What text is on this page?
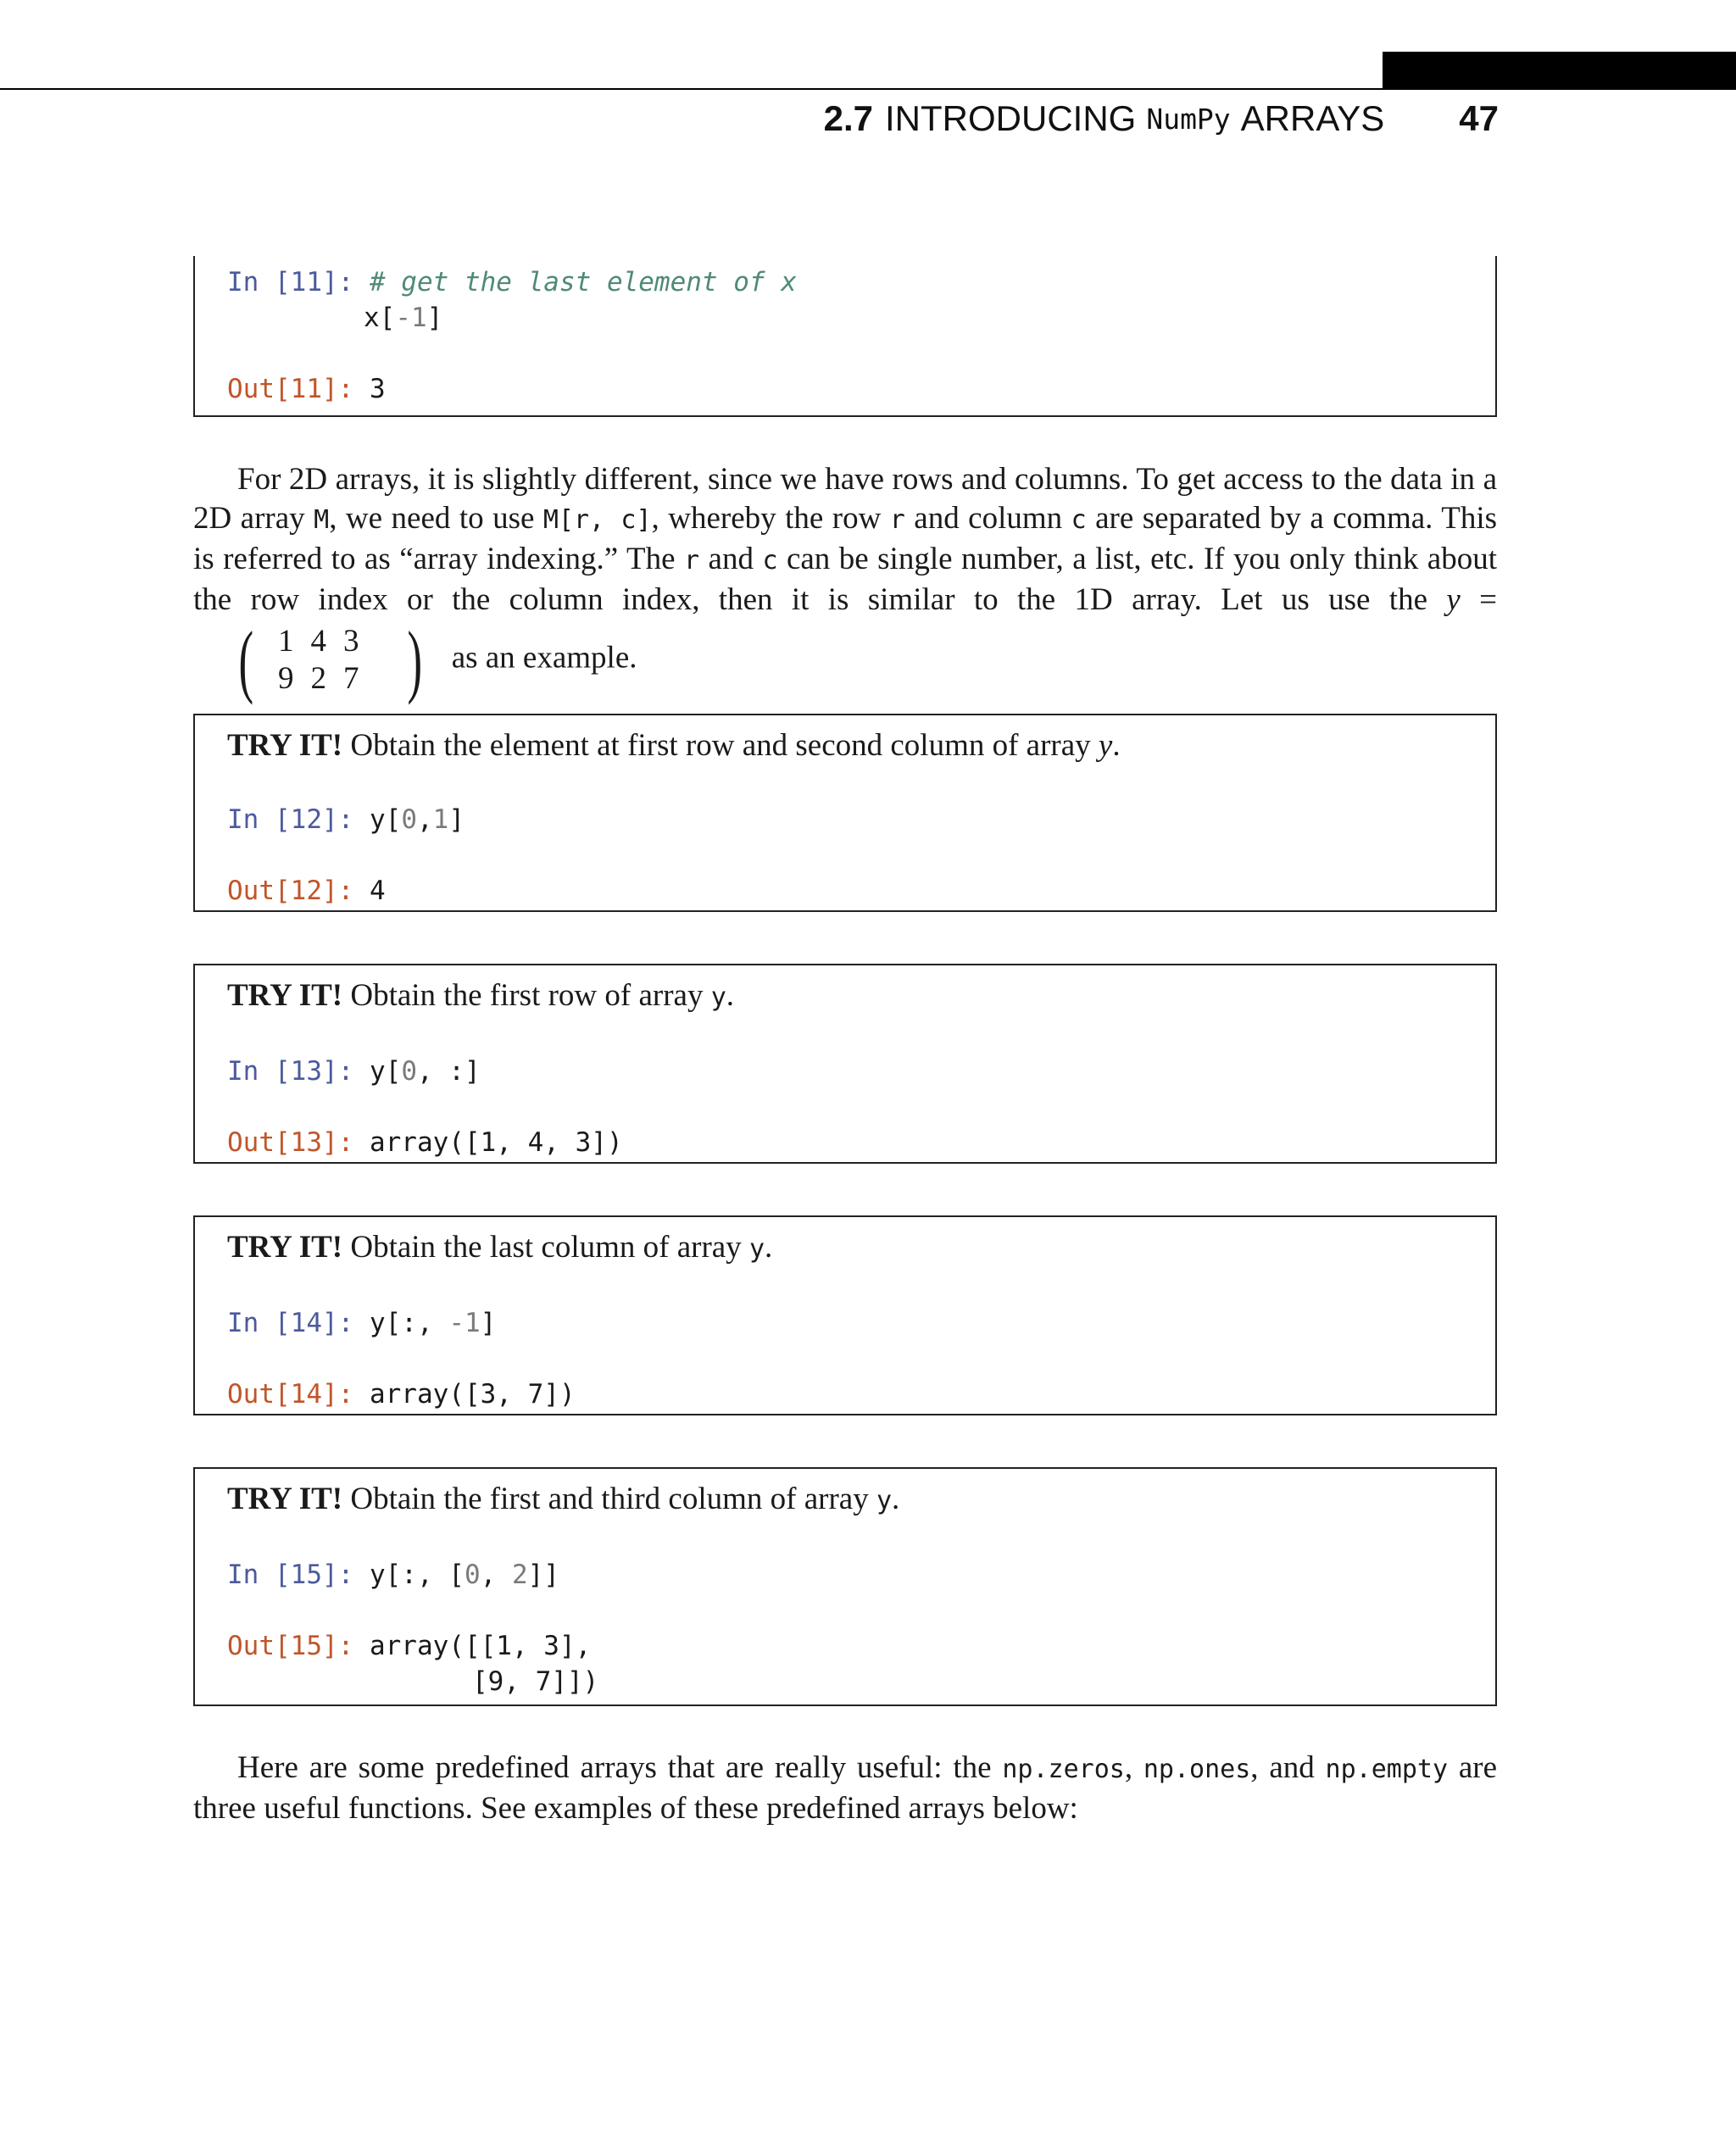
2.7 INTRODUCING NumPy ARRAYS 47
In [11]: # get the last element of x
x[-1]
Out[11]: 3
For 2D arrays, it is slightly different, since we have rows and columns. To get access to the data in a 2D array M, we need to use M[r, c], whereby the row r and column c are separated by a comma. This is referred to as “array indexing.” The r and c can be single number, a list, etc. If you only think about the row index or the column index, then it is similar to the 1D array. Let us use the y =
( 1	4	3
9	2	7 ) as an example.
TRY IT! Obtain the element at first row and second column of array y.
In [12]: y[0,1]
Out[12]: 4
TRY IT! Obtain the first row of array y.
In [13]: y[0, :]
Out[13]: array([1, 4, 3])
TRY IT! Obtain the last column of array y.
In [14]: y[:, -1]
Out[14]: array([3, 7])
TRY IT! Obtain the first and third column of array y.
In [15]: y[:, [0, 2]]
Out[15]: array([[1, 3],
[9, 7]])
Here are some predefined arrays that are really useful: the np.zeros, np.ones, and np.empty are three useful functions. See examples of these predefined arrays below:
